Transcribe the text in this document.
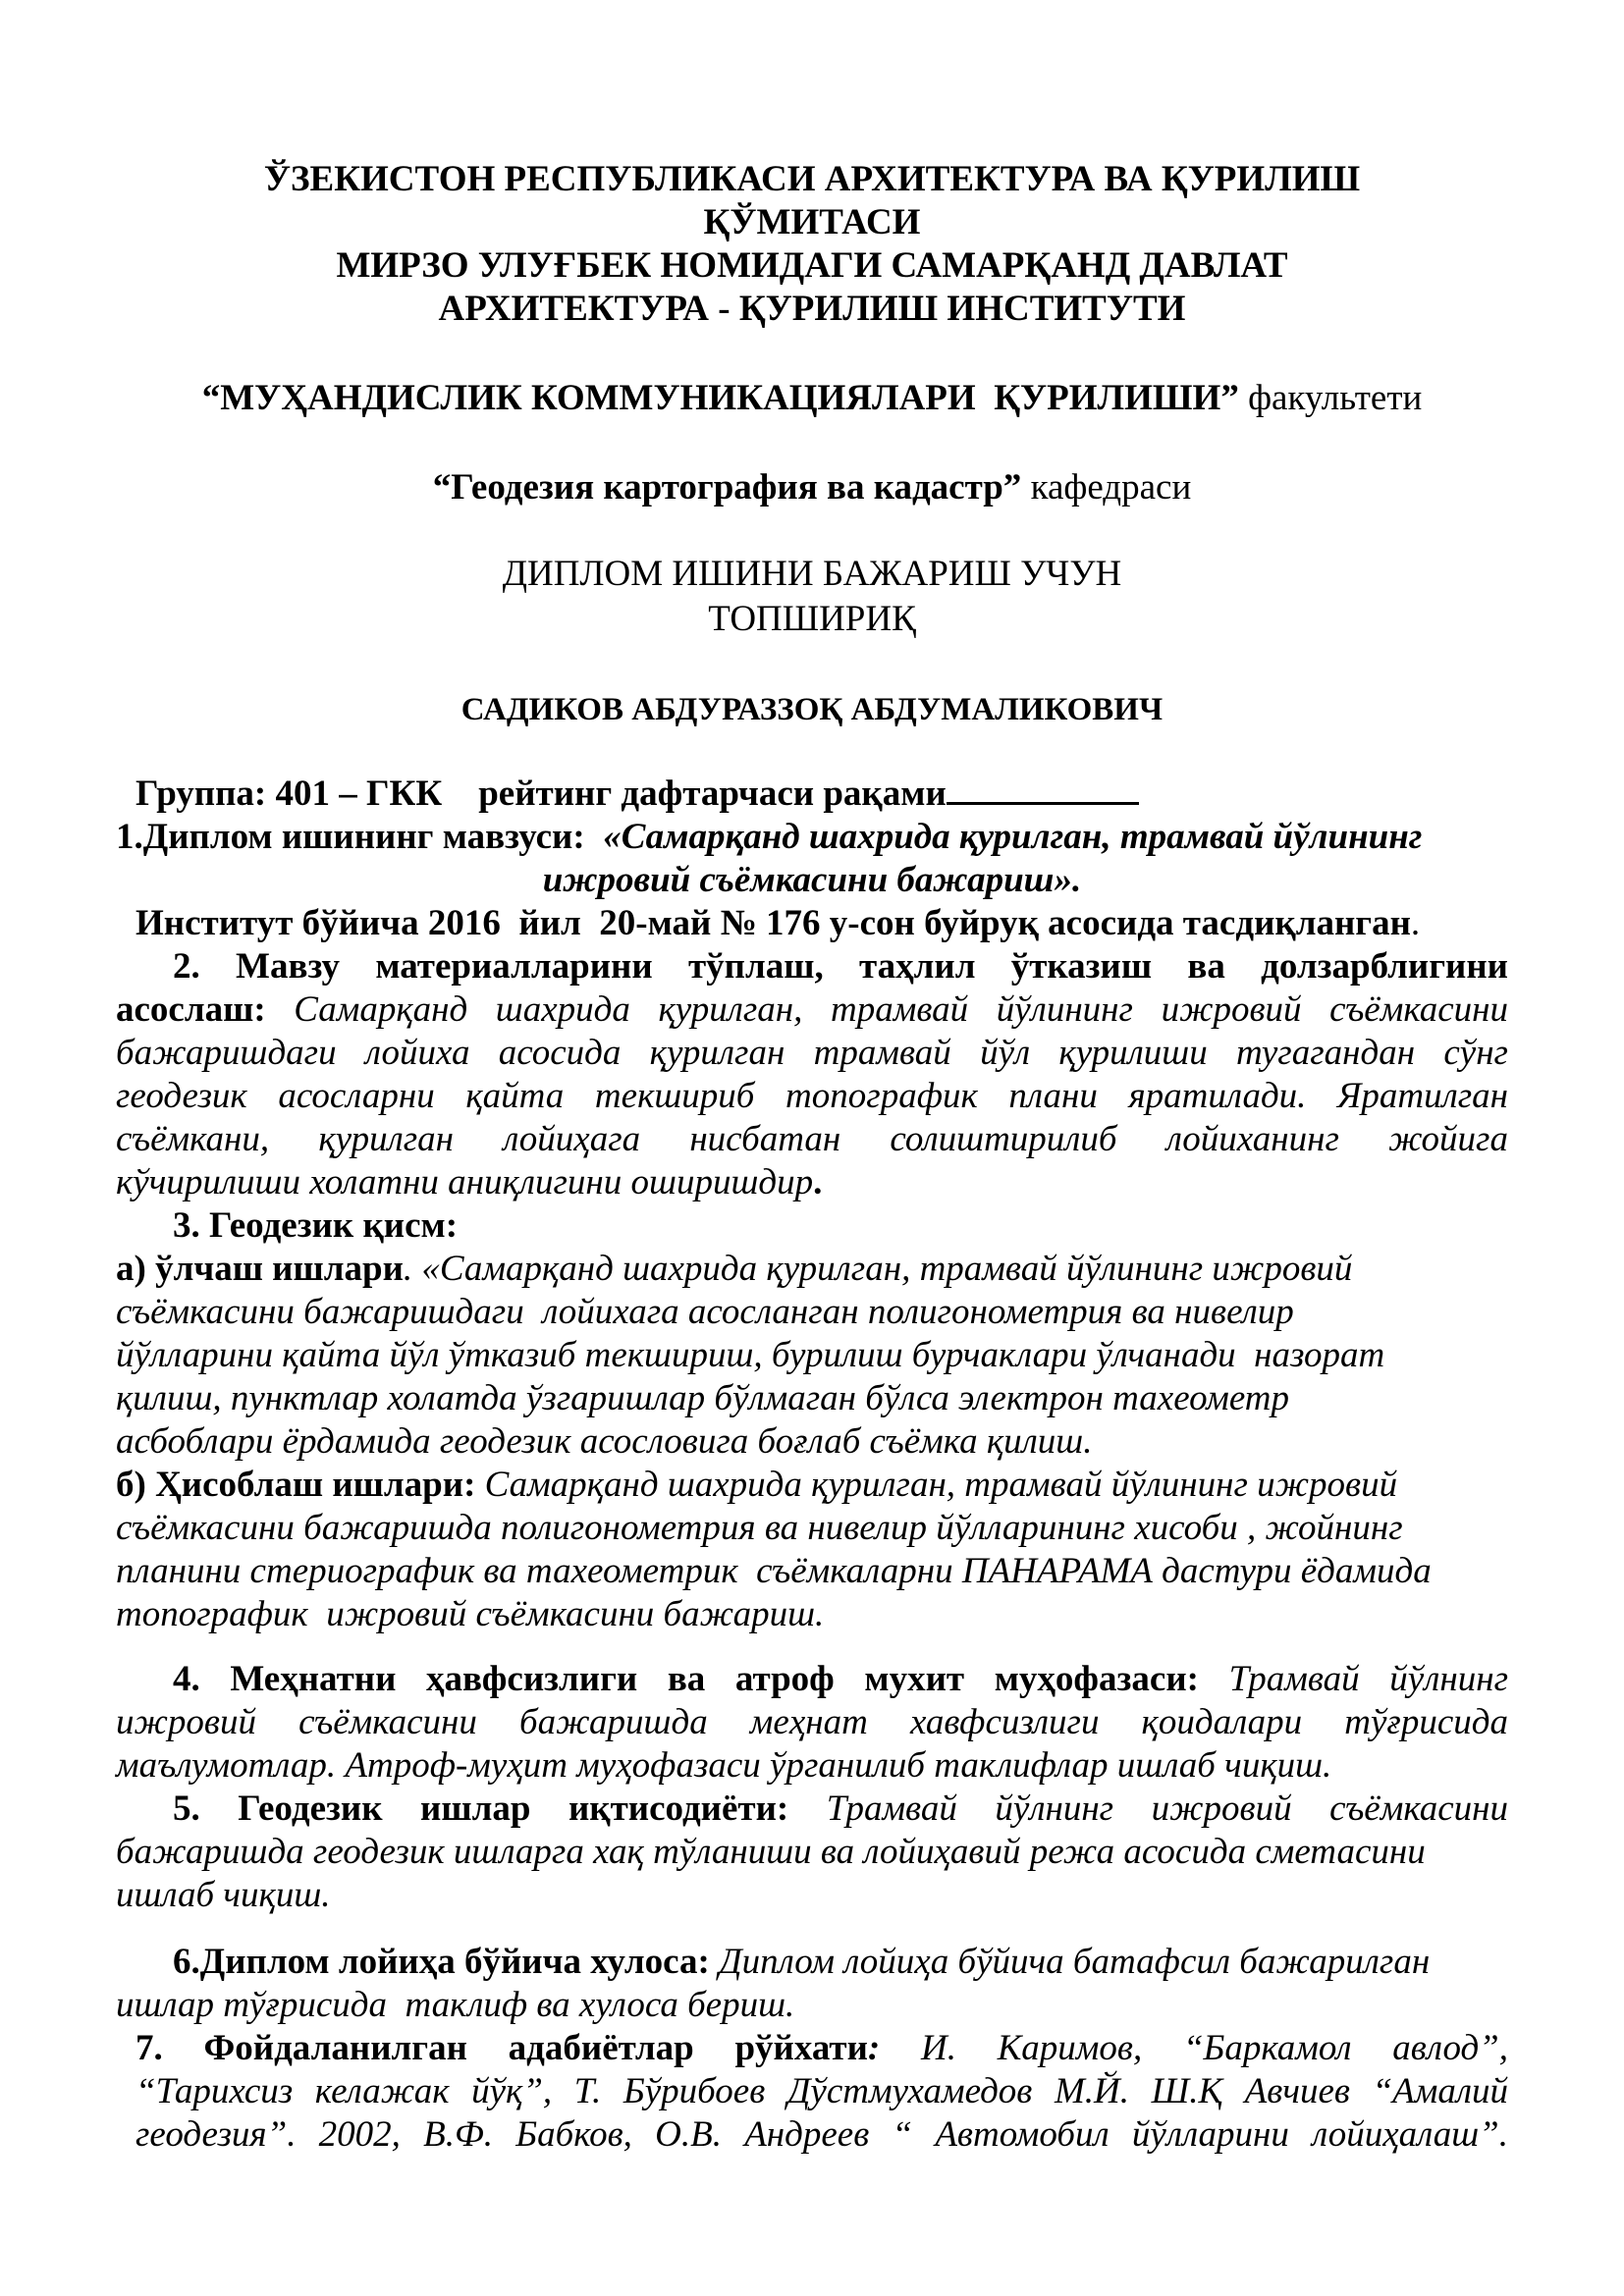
ЎЗЕКИСТОН РЕСПУБЛИКАСИ АРХИТЕКТУРА ВА ҚУРИЛИШ
ҚЎМИТАСИ
МИРЗО УЛУҒБЕК НОМИДАГИ САМАРҚАНД ДАВЛАТ
АРХИТЕКТУРА - ҚУРИЛИШ ИНСТИТУТИ
“МУҲАНДИСЛИК КОММУНИКАЦИЯЛАРИ  ҚУРИЛИШИ” факультети
“Геодезия картография ва кадастр” кафедраси
ДИПЛОМ ИШИНИ БАЖАРИШ УЧУН
ТОПШИРИҚ
САДИКОВ АБДУРАЗЗОҚ АБДУМАЛИКОВИЧ
Группа: 401 – ГКК    рейтинг дафтарчаси рақами
1.Диплом ишининг мавзуси:  «Самарқанд шахрида қурилган, трамвай йўлининг
ижровий съёмкасини бажариш».
Институт бўйича 2016  йил  20-май № 176 у-сон буйруқ асосида тасдиқланган.
2. Мавзу материалларини тўплаш, таҳлил ўтказиш ва долзарблигини
асослаш: Самарқанд шахрида қурилган, трамвай йўлининг ижровий съёмкасини
бажаришдаги лойиха асосида қурилган трамвай йўл қурилиши тугагандан сўнг
геодезик асосларни қайта текшириб топографик плани яратилади. Яратилган
съёмкани, қурилган лойиҳага нисбатан солиштирилиб лойиханинг жойига
кўчирилиши холатни аниқлигини оширишдир.
3. Геодезик қисм:
а) ўлчаш ишлари. «Самарқанд шахрида қурилган, трамвай йўлининг ижровий
съёмкасини бажаришдаги  лойихага асосланган полигонометрия ва нивелир
йўлларини қайта йўл ўтказиб текшириш, бурилиш бурчаклари ўлчанади  назорат
қилиш, пунктлар холатда ўзгаришлар бўлмаган бўлса электрон тахеометр
асбоблари ёрдамида геодезик асословига боғлаб съёмка қилиш.
б) Ҳисоблаш ишлари: Самарқанд шахрида қурилган, трамвай йўлининг ижровий
съёмкасини бажаришда полигонометрия ва нивелир йўлларининг хисоби , жойнинг
планини стериографик ва тахеометрик  съёмкаларни ПАНАРАМА дастури ёдамида
топографик  ижровий съёмкасини бажариш.
4. Меҳнатни ҳавфсизлиги ва атроф мухит муҳофазаси: Трамвай йўлнинг
ижровий съёмкасини бажаришда меҳнат хавфсизлиги қоидалари тўғрисида
маълумотлар. Атроф-муҳит муҳофазаси ўрганилиб таклифлар ишлаб чиқиш.
5. Геодезик ишлар иқтисодиёти: Трамвай йўлнинг ижровий съёмкасини
бажаришда геодезик ишларга хақ тўланиши ва лойиҳавий режа асосида сметасини
ишлаб чиқиш.
6.Диплом лойиҳа бўйича хулоса: Диплом лойиҳа бўйича батафсил бажарилган
ишлар тўғрисида  таклиф ва хулоса бериш.
7. Фойдаланилган адабиётлар рўйхати: И. Каримов, “Баркамол авлод”,
“Тарихсиз келажак йўқ”, Т. Бўрибоев Дўстмухамедов М.Й. Ш.Қ Авчиев “Амалий
геодезия”. 2002, В.Ф. Бабков, О.В. Андреев “ Автомобил йўлларини лойиҳалаш”.
